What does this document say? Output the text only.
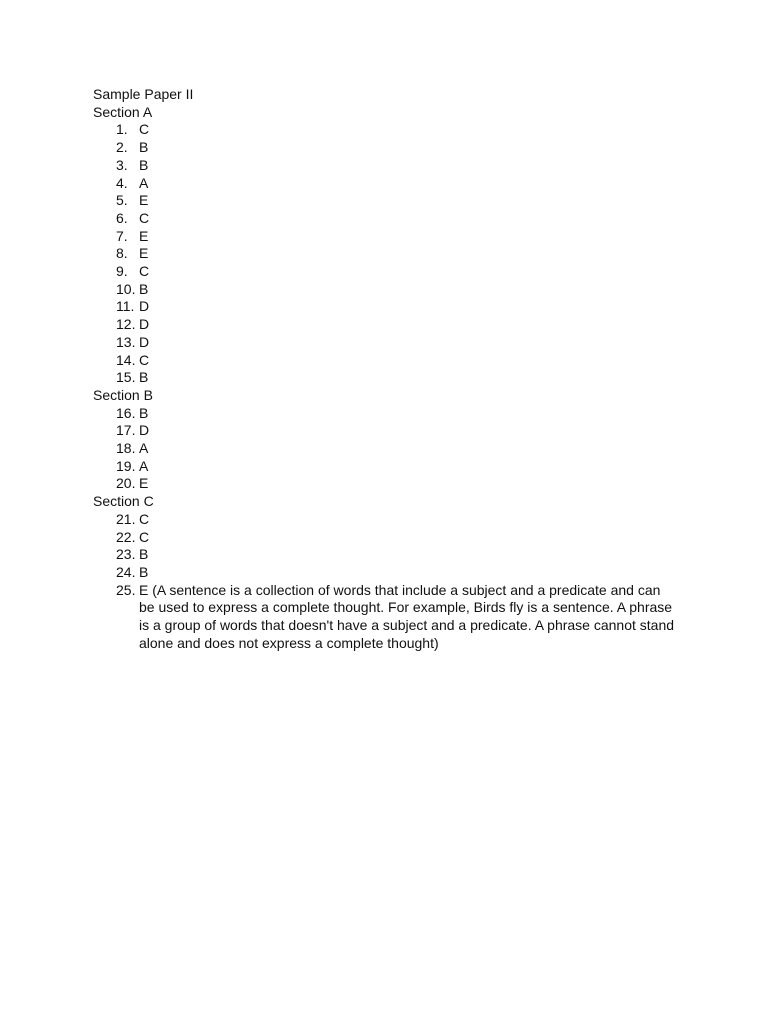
Sample Paper II

Section A

1. C
2. B
3. B
4. A
5. E
6. C
7. E
8. E
9. C
10. B
11. D
12. D
13. D
14. C
15. B

Section B

16. B
17. D
18. A
19. A
20. E

Section C

21. C
22. C
23. B
24. B
25. E (A sentence is a collection of words that include a subject and a predicate and can be used to express a complete thought. For example, Birds fly is a sentence. A phrase is a group of words that doesn't have a subject and a predicate. A phrase cannot stand alone and does not express a complete thought)
